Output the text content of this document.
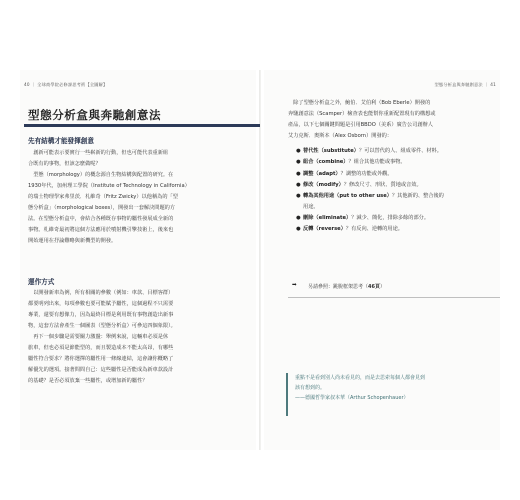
40 ｜ 全球商學院必修課思考術【全圖解】	型態分析盒與奔馳創意法 ｜ 41
型態分析盒與奔馳創意法
先有結構才能發揮創意
　創新可能表示要實行一些嶄新的行動，但也可能代表重新組
合既有的事物，但該怎麼做呢？
　型態（morphology）的概念源自生物結構與配置的研究。在
1930年代，加州理工學院（Institute of Technology in California）
的瑞士物理學家弗里茨．札維奇（Fritz Zwicky）以他稱為的「型
態分析盒」（morphological boxes），開發出一套解決問題的方
法。在型態分析盒中，會結合各種既存事物的屬性發展成全新的
事物。札維奇最初將這個方法應用於噴射機引擎技術上，後來也
開始運用在抒論難略與新機型的開發。
運作方式
　以開發新車為例，所有相關的參數（例如：車款、目標客群）
都要明列出來，每項參數也要可能賦予屬性，這個過程不只需要
專業，還要有想像力，因為最終目標是利用既有事物創造出新事
物，這套方法會產生一個圖表（型態分析盒）可參這四個象限）。
　再下一個步驟是需要關力激盪：舉例來說，這輛車必須是休
旅車，但也必須是節能型的，而且製造成本不能太高昂，有哪些
屬性符合要求？將你選擇的屬性用一條線連結，這會讓你概略了
解優先的選項。接著問問自己：這些屬性是否能成為新車款設計
的基礎？是否必須放棄一些屬性，或增加新的屬性？
　除了型態分析盒之外，鮑伯．艾伯利（Bob Eberle）開發的
奔馳創意法（Scamper）檢查表也能幫你重新配置現有的構想或
產品，以下七個關鍵問題是引用BBDO（美系）廣告公司創辦人
艾力克斯．奧斯本（Alex Osborn）開發的：
● 替代性（substitute）？可以替代的人、組成零件、材料。
● 組合（combine）？組合其他功能或事物。
● 調整（adapt）？調整的功能或外觀。
● 修改（modify）？修改尺寸、形狀、質地或音效。
● 轉為其他用途（put to other use）？其他新的、整合後的
用途。
● 刪除（eliminate）？減少、簡化，排除多餘的部分。
● 反轉（reverse）？有反向、逆轉的用途。
➡ 另請參照：跳脫框架思考（46頁）
重點不是看到別人尚未看見的，而是去思索每個人都會見到
該有想到的。
——德國哲學家叔本華（Arthur Schopenhauer）
